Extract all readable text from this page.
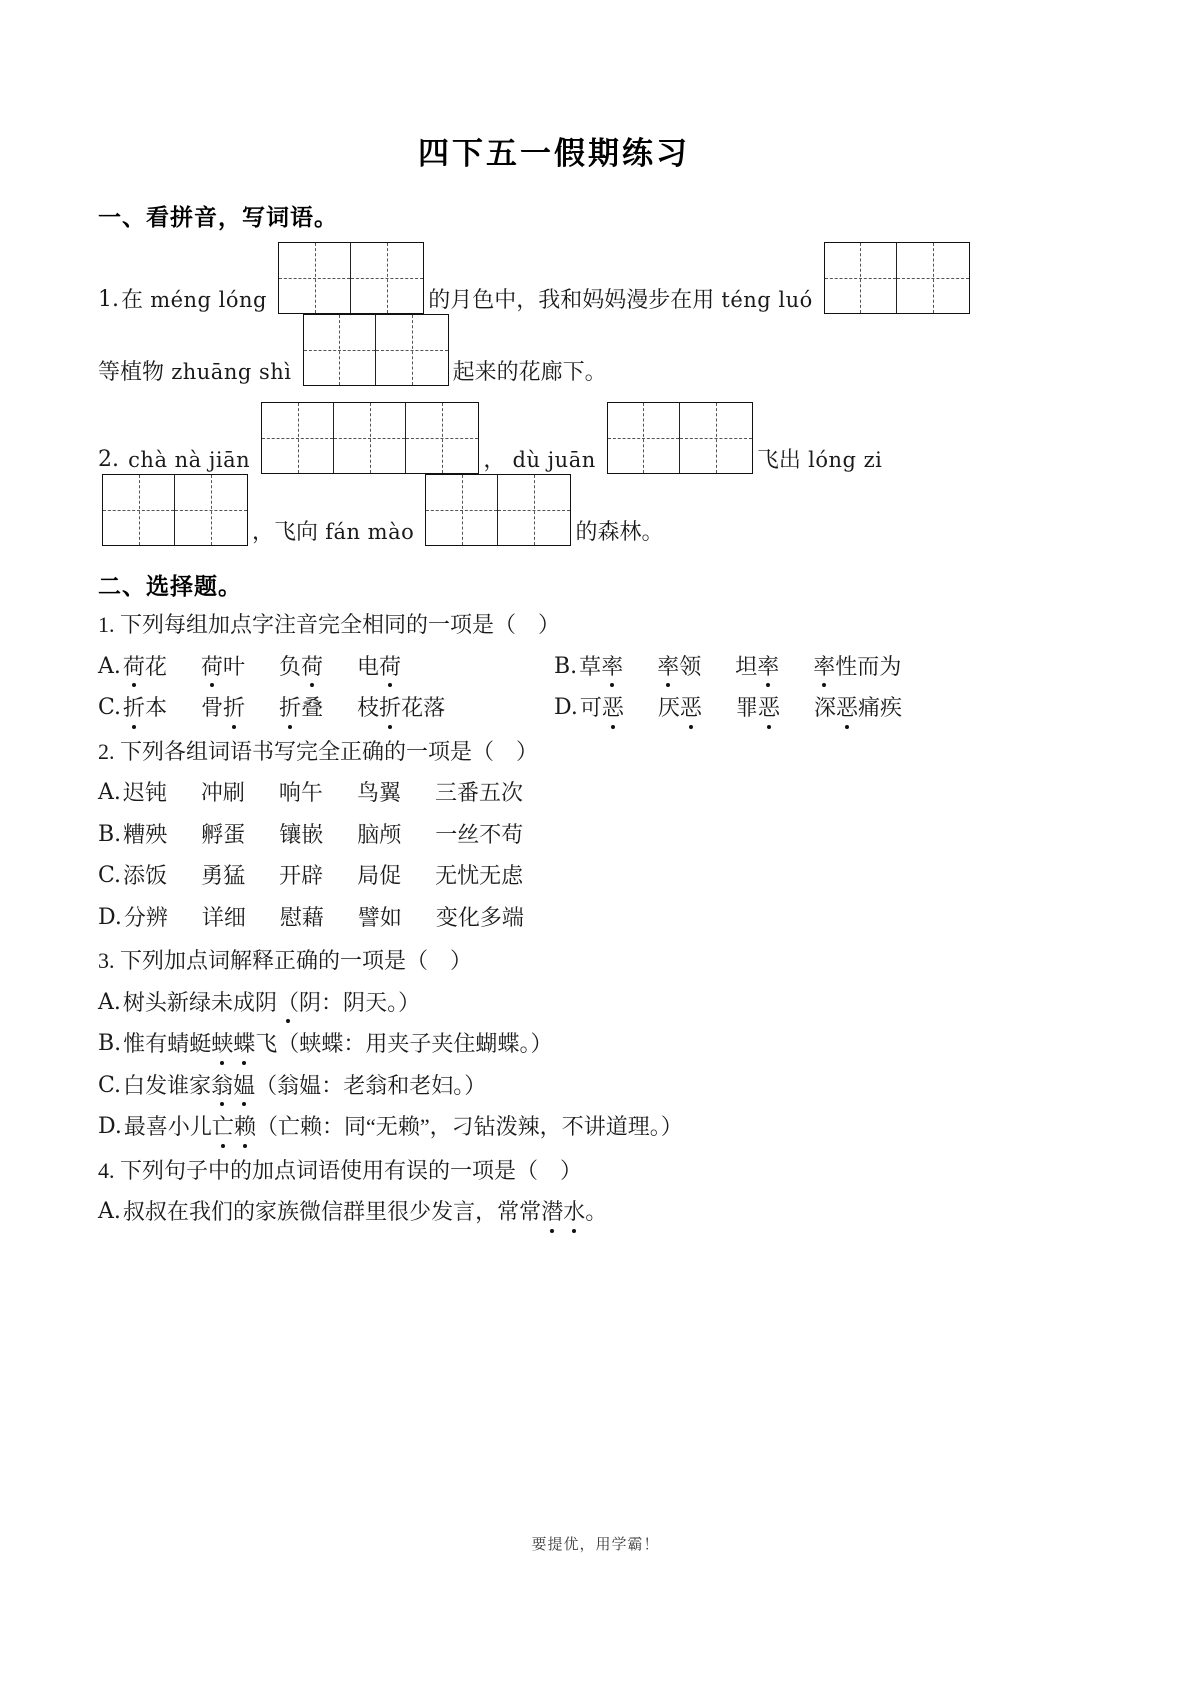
四下五一假期练习
一、看拼音，写词语。
1. 在 méng lóng	的月色中，我和妈妈漫步在用 téng luó
等植物 zhuāng shì	起来的花廊下。
2. chà nà jiān	， dù juān	飞出 lóng zi
，飞向 fán mào	的森林。
二、选择题。
1. 下列每组加点字注音完全相同的一项是（    ）
A. 荷花 荷叶 负荷 电荷	B. 草率 率领 坦率 率性而为
C. 折本 骨折 折叠 枝折花落	D. 可恶 厌恶 罪恶 深恶痛疾
2. 下列各组词语书写完全正确的一项是（    ）
A. 迟钝 冲刷 响午 鸟翼 三番五次
B. 糟殃 孵蛋 镶嵌 脑颅 一丝不苟
C. 添饭 勇猛 开辟 局促 无忧无虑
D. 分辨 详细 慰藉 譬如 变化多端
3. 下列加点词解释正确的一项是（    ）
A. 树头新绿未成阴（阴：阴天。）
B. 惟有蜻蜓蛱蝶飞（蛱蝶：用夹子夹住蝴蝶。）
C. 白发谁家翁媪（翁媪：老翁和老妇。）
D. 最喜小儿亡赖（亡赖：同“无赖”，刁钻泼辣，不讲道理。）
4. 下列句子中的加点词语使用有误的一项是（    ）
A. 叔叔在我们的家族微信群里很少发言，常常潜水。
要提优，用学霸！
